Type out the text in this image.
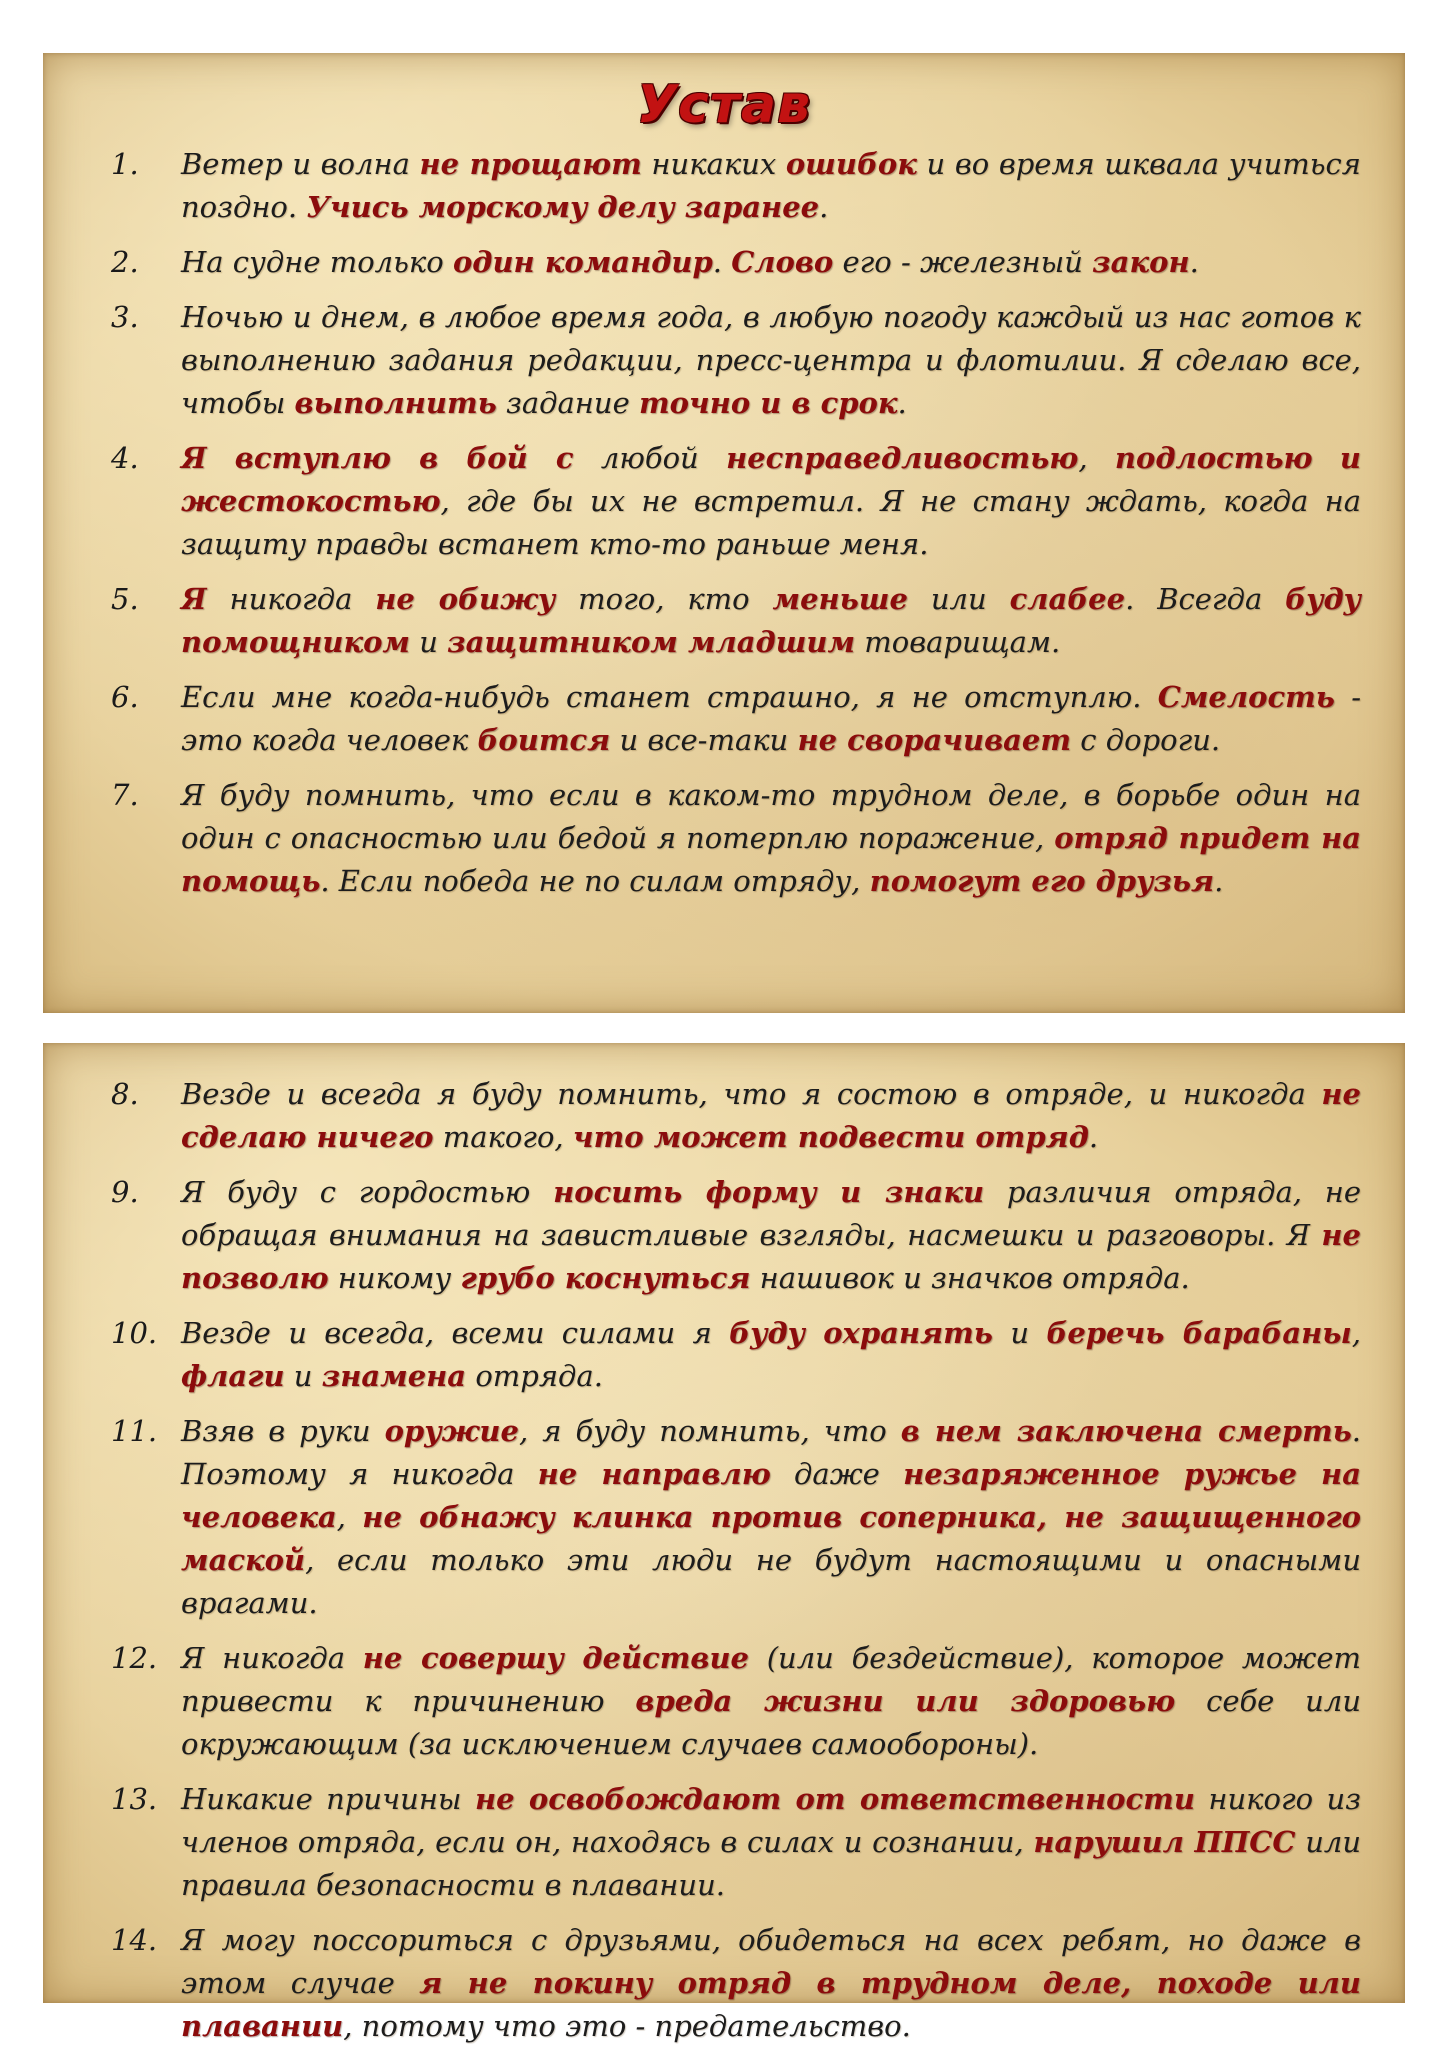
Устав
1.	Ветер и волна не прощают никаких ошибок и во время шквала учиться поздно. Учись морскому делу заранее.
2.	На судне только один командир. Слово его - железный закон.
3.	Ночью и днем, в любое время года, в любую погоду каждый из нас готов к выполнению задания редакции, пресс-центра и флотилии. Я сделаю все, чтобы выполнить задание точно и в срок.
4.	Я вступлю в бой с любой несправедливостью, подлостью и жестокостью, где бы их не встретил. Я не стану ждать, когда на защиту правды встанет кто-то раньше меня.
5.	Я никогда не обижу того, кто меньше или слабее. Всегда буду помощником и защитником младшим товарищам.
6.	Если мне когда-нибудь станет страшно, я не отступлю. Смелость - это когда человек боится и все-таки не сворачивает с дороги.
7.	Я буду помнить, что если в каком-то трудном деле, в борьбе один на один с опасностью или бедой я потерплю поражение, отряд придет на помощь. Если победа не по силам отряду, помогут его друзья.
8.	Везде и всегда я буду помнить, что я состою в отряде, и никогда не сделаю ничего такого, что может подвести отряд.
9.	Я буду с гордостью носить форму и знаки различия отряда, не обращая внимания на завистливые взгляды, насмешки и разговоры. Я не позволю никому грубо коснуться нашивок и значков отряда.
10. Везде и всегда, всеми силами я буду охранять и беречь барабаны, флаги и знамена отряда.
11. Взяв в руки оружие, я буду помнить, что в нем заключена смерть. Поэтому я никогда не направлю даже незаряженное ружье на человека, не обнажу клинка против соперника, не защищенного маской, если только эти люди не будут настоящими и опасными врагами.
12. Я никогда не совершу действие (или бездействие), которое может привести к причинению вреда жизни или здоровью себе или окружающим (за исключением случаев самообороны).
13. Никакие причины не освобождают от ответственности никого из членов отряда, если он, находясь в силах и сознании, нарушил ППСС или правила безопасности в плавании.
14. Я могу поссориться с друзьями, обидеться на всех ребят, но даже в этом случае я не покину отряд в трудном деле, походе или плавании, потому что это - предательство.
